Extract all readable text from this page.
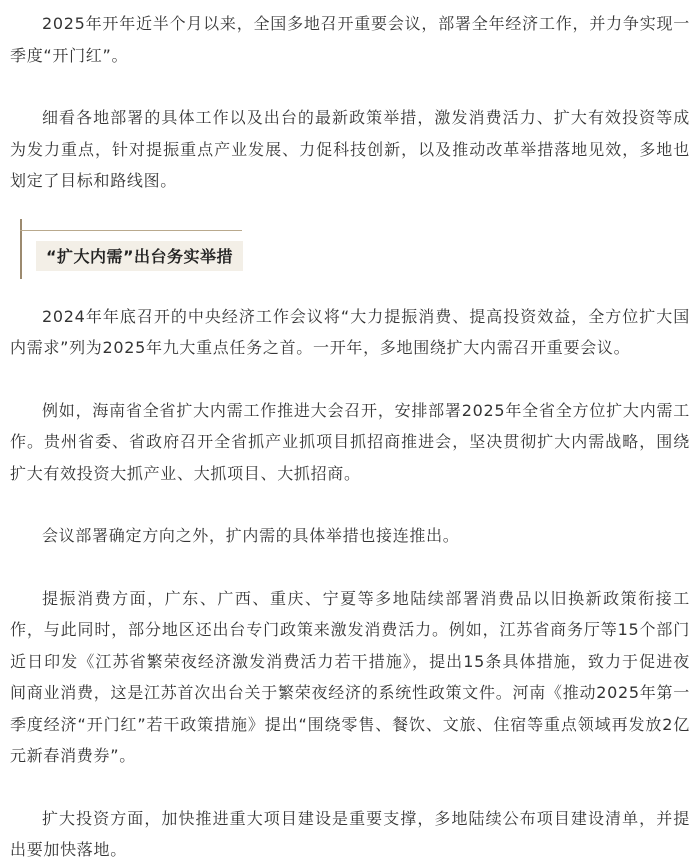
2025年开年近半个月以来，全国多地召开重要会议，部署全年经济工作，并力争实现一季度“开门红”。

细看各地部署的具体工作以及出台的最新政策举措，激发消费活力、扩大有效投资等成为发力重点，针对提振重点产业发展、力促科技创新，以及推动改革举措落地见效，多地也划定了目标和路线图。

“扩大内需”出台务实举措

2024年年底召开的中央经济工作会议将“大力提振消费、提高投资效益，全方位扩大国内需求”列为2025年九大重点任务之首。一开年，多地围绕扩大内需召开重要会议。

例如，海南省全省扩大内需工作推进大会召开，安排部署2025年全省全方位扩大内需工作。贵州省委、省政府召开全省抓产业抓项目抓招商推进会，坚决贯彻扩大内需战略，围绕扩大有效投资大抓产业、大抓项目、大抓招商。

会议部署确定方向之外，扩内需的具体举措也接连推出。

提振消费方面，广东、广西、重庆、宁夏等多地陆续部署消费品以旧换新政策衔接工作，与此同时，部分地区还出台专门政策来激发消费活力。例如，江苏省商务厅等15个部门近日印发《江苏省繁荣夜经济激发消费活力若干措施》，提出15条具体措施，致力于促进夜间商业消费，这是江苏首次出台关于繁荣夜经济的系统性政策文件。河南《推动2025年第一季度经济“开门红”若干政策措施》提出“围绕零售、餐饮、文旅、住宿等重点领域再发放2亿元新春消费券”。

扩大投资方面，加快推进重大项目建设是重要支撑，多地陆续公布项目建设清单，并提出要加快落地。
